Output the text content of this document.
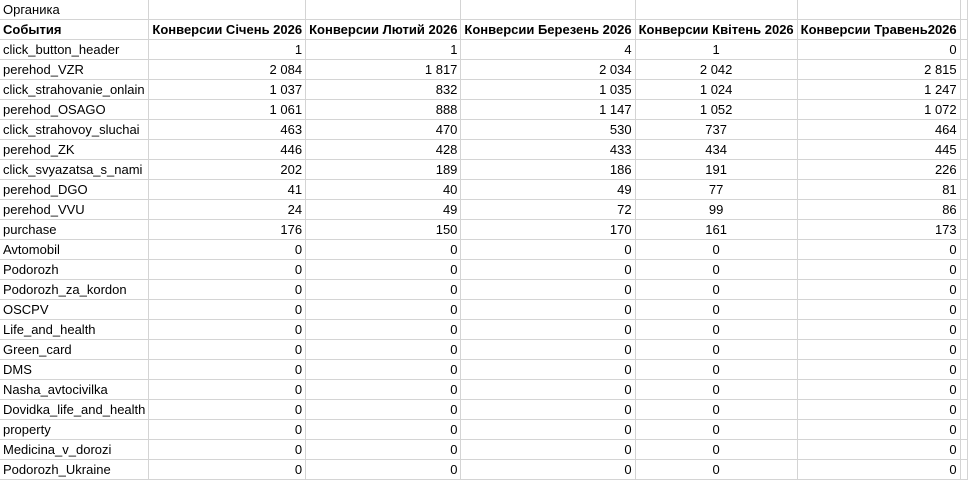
Органика						
События	Конверсии Січень 2026	Конверсии Лютий 2026	Конверсии Березень 2026	Конверсии Квітень 2026	Конверсии Травень2026	
click_button_header	1	1	4	1	0	
perehod_VZR	2 084	1 817	2 034	2 042	2 815	
click_strahovanie_onlain	1 037	832	1 035	1 024	1 247	
perehod_OSAGO	1 061	888	1 147	1 052	1 072	
click_strahovoy_sluchai	463	470	530	737	464	
perehod_ZK	446	428	433	434	445	
click_svyazatsa_s_nami	202	189	186	191	226	
perehod_DGO	41	40	49	77	81	
perehod_VVU	24	49	72	99	86	
purchase	176	150	170	161	173	
Avtomobil	0	0	0	0	0	
Podorozh	0	0	0	0	0	
Podorozh_za_kordon	0	0	0	0	0	
OSCPV	0	0	0	0	0	
Life_and_health	0	0	0	0	0	
Green_card	0	0	0	0	0	
DMS	0	0	0	0	0	
Nasha_avtocivilka	0	0	0	0	0	
Dovidka_life_and_health	0	0	0	0	0	
property	0	0	0	0	0	
Medicina_v_dorozi	0	0	0	0	0	
Podorozh_Ukraine	0	0	0	0	0	
